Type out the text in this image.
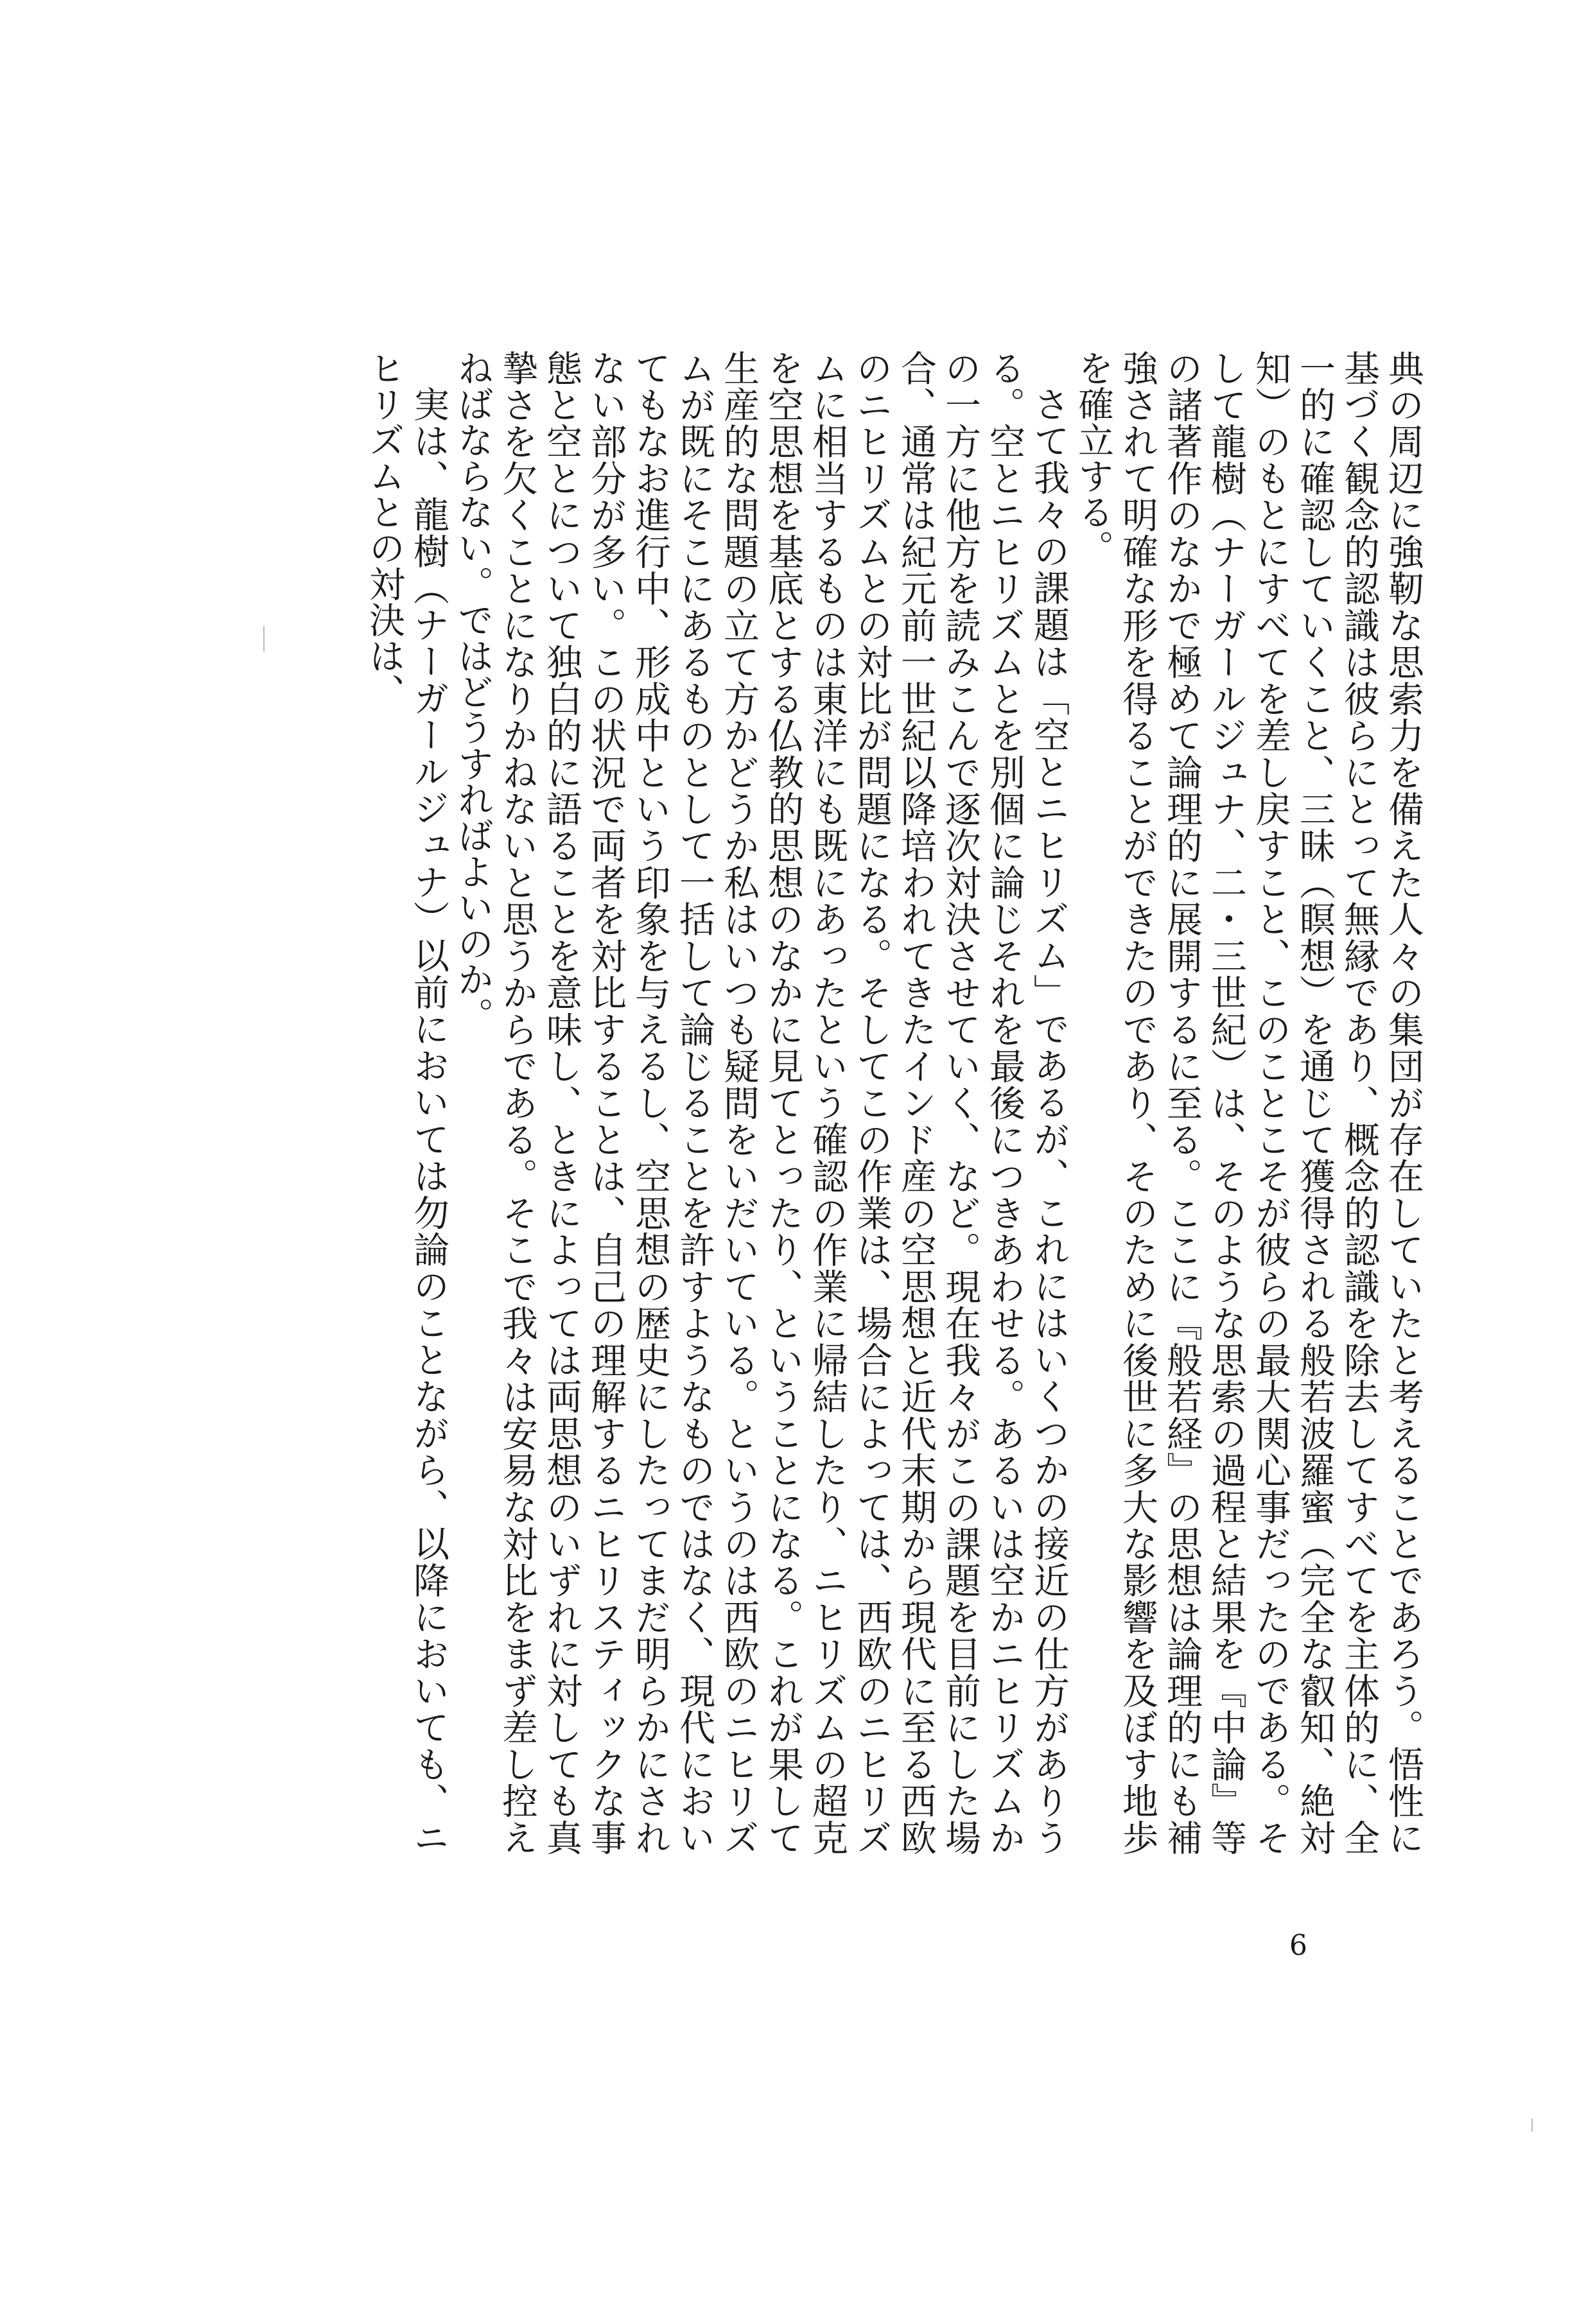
典の周辺に強靭な思索力を備えた人々の集団が存在していたと考えることであろう。悟性に基づく観念的認識は彼らにとって無縁であり、概念的認識を除去してすべてを主体的に、全一的に確認していくこと、三昧（瞑想）を通じて獲得される般若波羅蜜（完全な叡知、絶対知）のもとにすべてを差し戻すこと、このことこそが彼らの最大関心事だったのである。そして龍樹（ナーガールジュナ、二・三世紀）は、そのような思索の過程と結果を『中論』等の諸著作のなかで極めて論理的に展開するに至る。ここに『般若経』の思想は論理的にも補強されて明確な形を得ることができたのであり、そのために後世に多大な影響を及ぼす地歩を確立する。

さて我々の課題は「空とニヒリズム」であるが、これにはいくつかの接近の仕方がありうる。空とニヒリズムとを別個に論じそれを最後につきあわせる。あるいは空かニヒリズムかの一方に他方を読みこんで逐次対決させていく、など。現在我々がこの課題を目前にした場合、通常は紀元前一世紀以降培われてきたインド産の空思想と近代末期から現代に至る西欧のニヒリズムとの対比が問題になる。そしてこの作業は、場合によっては、西欧のニヒリズムに相当するものは東洋にも既にあったという確認の作業に帰結したり、ニヒリズムの超克を空思想を基底とする仏教的思想のなかに見てとったり、ということになる。これが果して生産的な問題の立て方かどうか私はいつも疑問をいだいている。というのは西欧のニヒリズムが既にそこにあるものとして一括して論じることを許すようなものではなく、現代においてもなお進行中、形成中という印象を与えるし、空思想の歴史にしたってまだ明らかにされない部分が多い。この状況で両者を対比することは、自己の理解するニヒリスティックな事態と空とについて独白的に語ることを意味し、ときによっては両思想のいずれに対しても真摯さを欠くことになりかねないと思うからである。そこで我々は安易な対比をまず差し控えねばならない。ではどうすればよいのか。

実は、龍樹（ナーガールジュナ）以前においては勿論のことながら、以降においても、ニヒリズムとの対決は、

6
